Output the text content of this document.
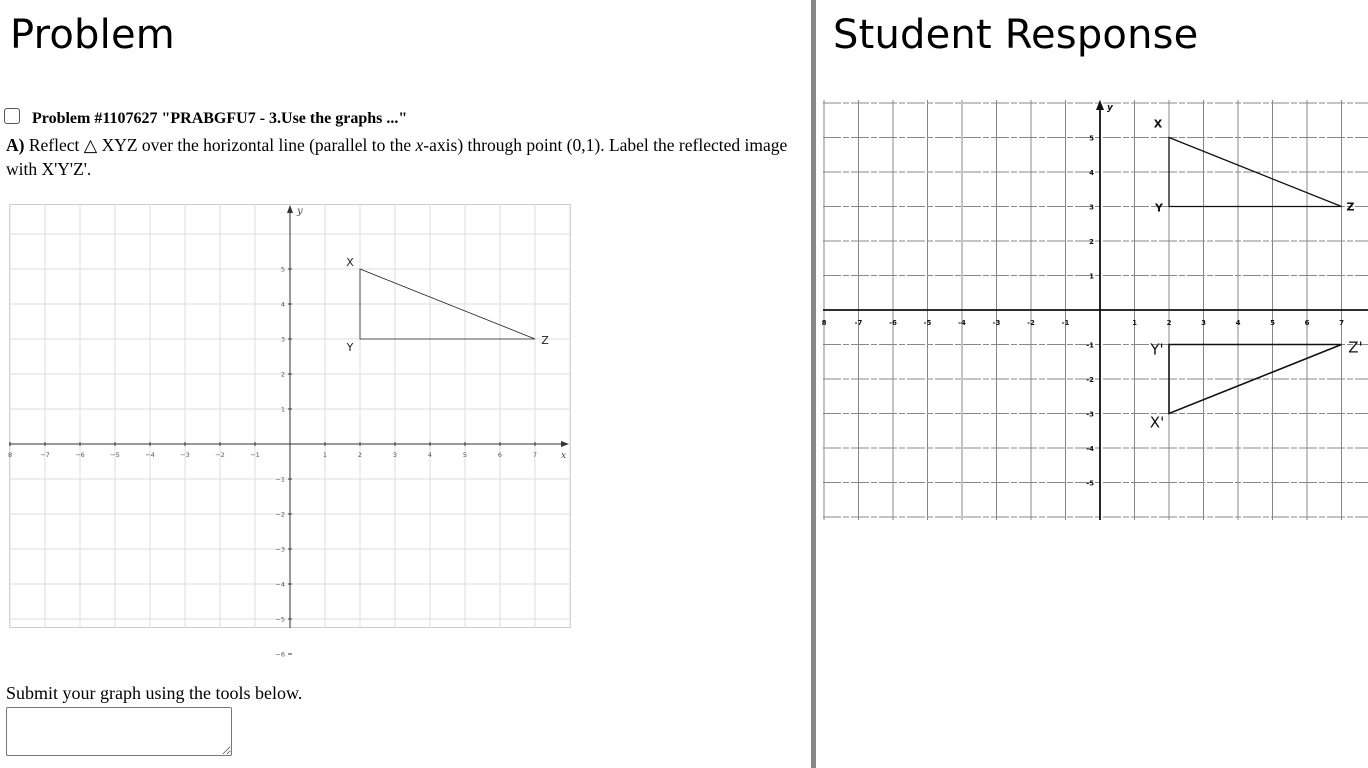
Problem	Student Response
Problem #1107627 "PRABGFU7 - 3.Use the graphs ..."
A) Reflect △ XYZ over the horizontal line (parallel to the x-axis) through point (0,1). Label the reflected image with X'Y'Z'.
x
y
8	−7	−6	−5	−4	−3	−2	−1	1	2	3	4	5	6	7
5
4
3
2
1
−1
−2
−3
−4
−5
−6
X
Y
Z
Submit your graph using the tools below.
y
8	-7	-6	-5	-4	-3	-2	-1	1	2	3	4	5	6	7
5
4
3
2
1
-1
-2
-3
-4
-5
X
Y	Z
X'
Y'	Z'
